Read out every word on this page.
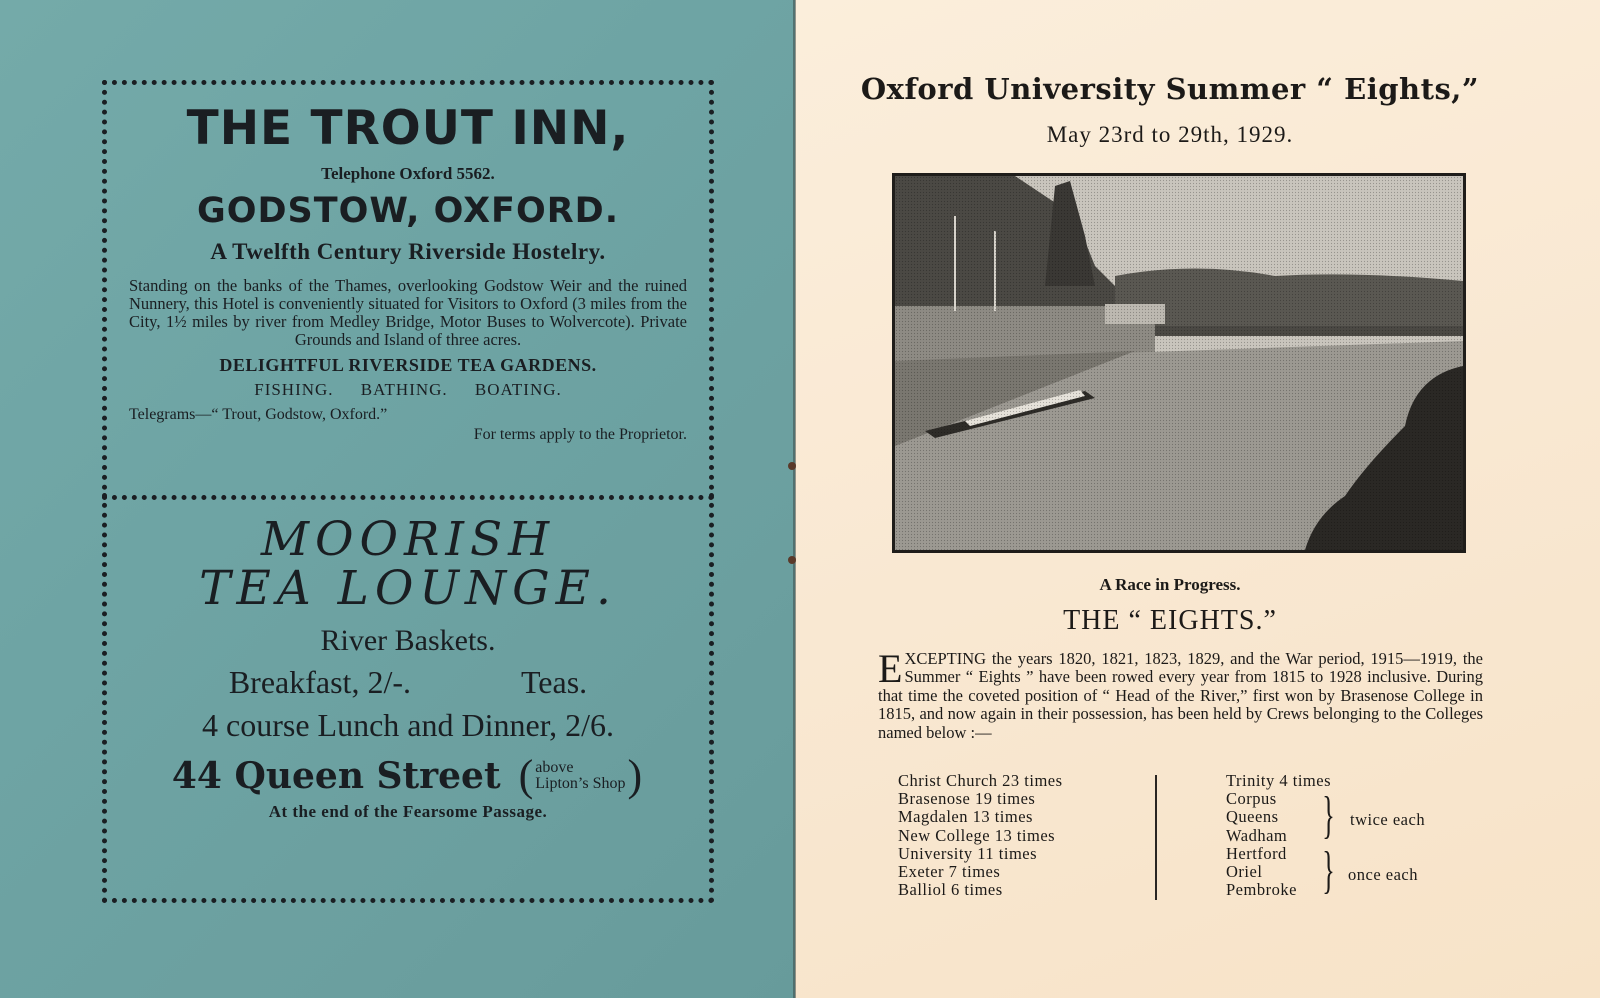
THE TROUT INN,
Telephone Oxford 5562.
GODSTOW, OXFORD.
A Twelfth Century Riverside Hostelry.
Standing on the banks of the Thames, overlooking Godstow Weir and the ruined Nunnery, this Hotel is conveniently situated for Visitors to Oxford (3 miles from the City, 1½ miles by river from Medley Bridge, Motor Buses to Wolvercote). Private Grounds and Island of three acres.
DELIGHTFUL RIVERSIDE TEA GARDENS.
FISHING. BATHING. BOATING.
Telegrams—“ Trout, Godstow, Oxford.”
For terms apply to the Proprietor.
MOORISH
TEA LOUNGE.
River Baskets.
Breakfast, 2/-.	Teas.
4 course Lunch and Dinner, 2/6.
44 Queen Street ( above
Lipton’s Shop )
At the end of the Fearsome Passage.
Oxford University Summer “ Eights,”
May 23rd to 29th, 1929.
A Race in Progress.
THE “ EIGHTS.”
E XCEPTING the years 1820, 1821, 1823, 1829, and the War period, 1915—1919, the Summer “ Eights ” have been rowed every year from 1815 to 1928 inclusive. During that time the coveted position of “ Head of the River,” first won by Brasenose College in 1815, and now again in their possession, has been held by Crews belonging to the Colleges named below :—
Christ Church 23 times
Brasenose 19 times
Magdalen 13 times
New College 13 times
University 11 times
Exeter 7 times
Balliol 6 times
Trinity 4 times
Corpus
Queens
Wadham
Hertford
Oriel
Pembroke
} twice each
} once each
